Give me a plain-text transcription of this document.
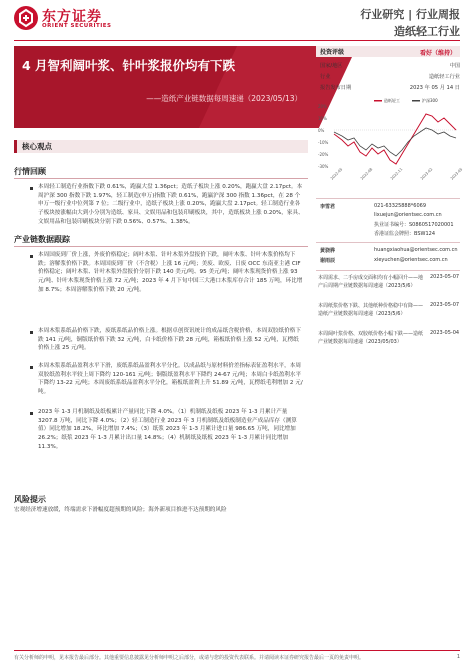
东方证券
ORIENT SECURITIES
行业研究 | 行业周报
造纸轻工行业
4 月智利阔叶浆、针叶浆报价均有下跌
——造纸产业链数据每周速递（2023/05/13）
核心观点
行情回顾
本周轻工制造行业指数下跌 0.61%，跑赢大盘 1.36pct；造纸子板块上涨 0.20%，跑赢大盘 2.17pct。本周沪深 300 指数下跌 1.97%，轻工制造(申万)指数下跌 0.61%，跑赢沪深 300 指数 1.36pct，在 28 个申万一级行业中位列第 7 位；二级行业中，造纸子板块上涨 0.20%，跑赢大盘 2.17pct。轻工制造行业各子板块按涨幅由大到小分别为造纸、家具、文娱用品和包装印刷板块，其中，造纸板块上涨 0.20%，家具、文娱用品和包装印刷板块分别下跌 0.56%、0.57%、1.38%。
产业链数据跟踪
本周国废到厂价上涨，外废价格稳定；阔叶木浆、针叶木浆外盘报价下跌，阔叶木浆、针叶木浆价格均下跌；溶解浆价格下跌。本周国废到厂价（不含税）上涨 16 元/吨；美废、欧废、日废 OCC 东南亚主港 CIF 价格稳定；阔叶木浆、针叶木浆外盘报价分别下跌 140 美元/吨、95 美元/吨；阔叶木浆现货价格上涨 93 元/吨、针叶木浆现货价格上涨 72 元/吨；2023 年 4 月下旬中国三大港口木浆库存合计 185 万吨，环比增加 8.7%；本周溶解浆价格下跌 20 元/吨。
本周木浆系纸品价格下跌，废纸系纸品价格上涨。根据卓创资讯统计的成品纸含税价格，本周双胶纸价格下跌 141 元/吨，铜版纸价格下跌 32 元/吨，白卡纸价格下跌 28 元/吨，箱板纸价格上涨 52 元/吨，瓦楞纸价格上涨 25 元/吨。
本周木浆系纸品盈利水平下滑，废纸系纸品盈利水平分化。以成品纸与原材料价差指标表征盈利水平，本周双胶纸盈利水平较上周下降约 120-161 元/吨；铜版纸盈利水平下降约 24-67 元/吨；本周白卡纸盈利水平下降约 13-22 元/吨；本周废纸系纸品盈利水平分化，箱板纸盈利上升 51.89 元/吨，瓦楞纸毛利增加 2 元/吨。
2023 年 1-3 月机制纸及纸板累计产量同比下降 4.0%。（1）机制纸及纸板 2023 年 1-3 月累计产量 3207.8 万吨，同比下降 4.0%；（2）轻工制造行业 2023 年 3 月机制纸及纸板制造业产成品库存（测算值）同比增加 18.2%，环比增加 7.4%；（3）纸浆 2023 年 1-3 月累计进口量 986.65 万吨，同比增加 26.2%；纸浆 2023 年 1-3 月累计出口量 14.8%；（4）机制纸及纸板 2023 年 1-3 月累计同比增加 11.3%。
风险提示
宏观经济增速放缓，终端需求下滑幅度超预期的风险；海外新项目推进不达预期的风险
投资评级	看好（维持）
国家/地区	中国
行业	造纸轻工行业
报告发布日期	2023 年 05 月 14 日
20%
10%
0%
-10%
-20%
-30%
造纸轻工	沪深300
2022-05	2022-08	2022-11	2023-02	2023-05
李雪君	021-63325888*6069
lixuejun@orientsec.com.cn
执业证书编号：S0860517020001
香港证监会牌照：BSW124
黄骁骅	huangxiaohua@orientsec.com.cn
谢雨辰	xieyuchen@orientsec.com.cn
本周需求、二手房成交面积均有小幅回升——地产后周期产业链数据每周速递（2023/5/6）
2023-05-07
本周纸浆价格下跌、其他纸种价格稳中有降——造纸产业链数据每周速递（2023/5/6）
2023-05-07
本周阔叶浆价格、双胶纸价格小幅下跌——造纸产业链数据每周速递（2023/05/03）
2023-05-04
有关分析师的申明，见本报告最后部分。其他重要信息披露见分析师申明之后部分，或请与您的投资代表联系。并请阅读本证券研究报告最后一页的免责申明。	1
